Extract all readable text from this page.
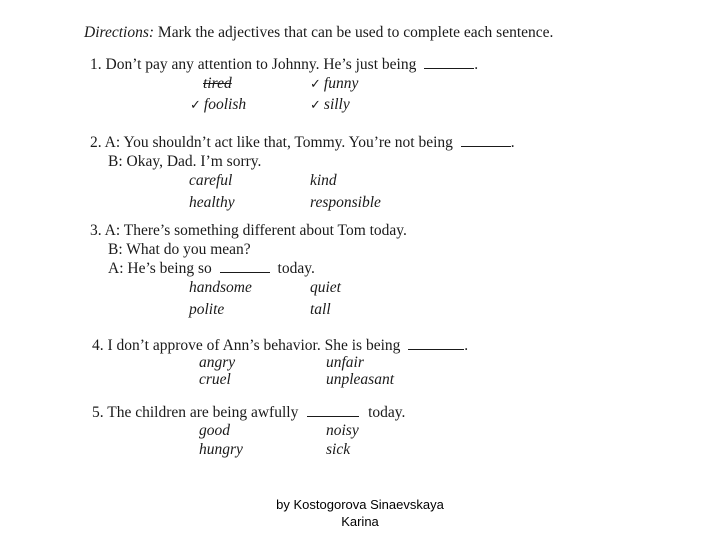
Directions: Mark the adjectives that can be used to complete each sentence.
1. Don’t pay any attention to Johnny. He’s just being	.
tired	✓ funny
✓ foolish	✓ silly
2. A: You shouldn’t act like that, Tommy. You’re not being	.
B: Okay, Dad. I’m sorry.
careful	kind
healthy	responsible
3. A: There’s something different about Tom today.
B: What do you mean?
A: He’s being so	today.
handsome	quiet
polite	tall
4. I don’t approve of Ann’s behavior. She is being	.
angry	unfair
cruel	unpleasant
5. The children are being awfully	today.
good	noisy
hungry	sick
by Kostogorova Sinaevskaya
Karina
